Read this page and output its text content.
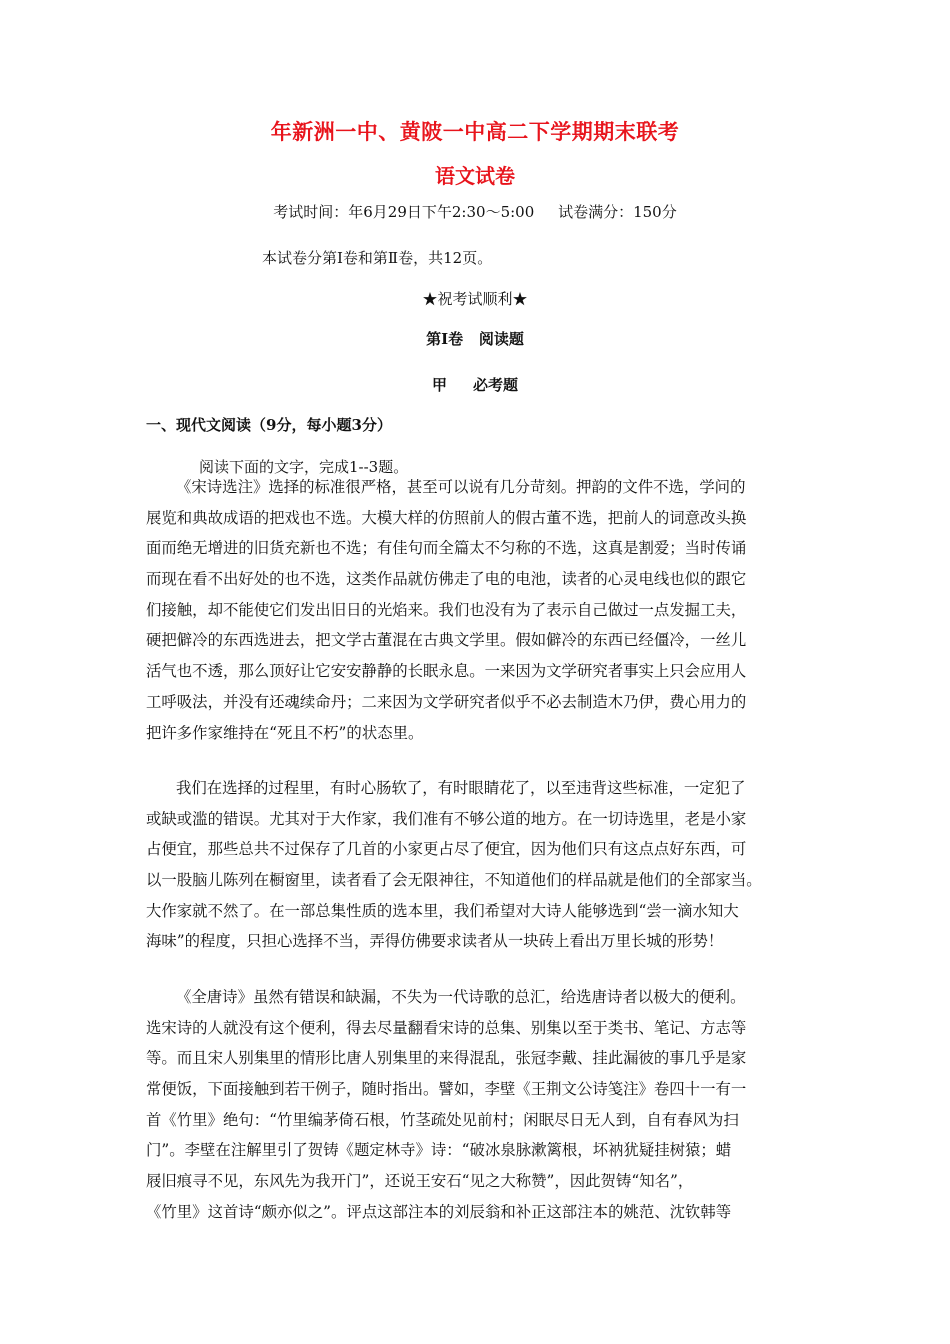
年新洲一中、黄陂一中高二下学期期末联考
语文试卷
考试时间：年6月29日下午2:30～5:00     试卷满分：150分
本试卷分第Ⅰ卷和第Ⅱ卷，共12页。
★祝考试顺利★
第Ⅰ卷   阅读题
甲     必考题
一、现代文阅读（9分，每小题3分）
阅读下面的文字，完成1--3题。
《宋诗选注》选择的标准很严格，甚至可以说有几分苛刻。押韵的文件不选，学问的
展览和典故成语的把戏也不选。大模大样的仿照前人的假古董不选，把前人的词意改头换
面而绝无增进的旧货充新也不选；有佳句而全篇太不匀称的不选，这真是割爱；当时传诵
而现在看不出好处的也不选，这类作品就仿佛走了电的电池，读者的心灵电线也似的跟它
们接触，却不能使它们发出旧日的光焰来。我们也没有为了表示自己做过一点发掘工夫，
硬把僻冷的东西选进去，把文学古董混在古典文学里。假如僻冷的东西已经僵冷，一丝儿
活气也不透，那么顶好让它安安静静的长眠永息。一来因为文学研究者事实上只会应用人
工呼吸法，并没有还魂续命丹；二来因为文学研究者似乎不必去制造木乃伊，费心用力的
把许多作家维持在“死且不朽”的状态里。
我们在选择的过程里，有时心肠软了，有时眼睛花了，以至违背这些标准，一定犯了
或缺或滥的错误。尤其对于大作家，我们准有不够公道的地方。在一切诗选里，老是小家
占便宜，那些总共不过保存了几首的小家更占尽了便宜，因为他们只有这点点好东西，可
以一股脑儿陈列在橱窗里，读者看了会无限神往，不知道他们的样品就是他们的全部家当。
大作家就不然了。在一部总集性质的选本里，我们希望对大诗人能够选到“尝一滴水知大
海味”的程度，只担心选择不当，弄得仿佛要求读者从一块砖上看出万里长城的形势！
《全唐诗》虽然有错误和缺漏，不失为一代诗歌的总汇，给选唐诗者以极大的便利。
选宋诗的人就没有这个便利，得去尽量翻看宋诗的总集、别集以至于类书、笔记、方志等
等。而且宋人别集里的情形比唐人别集里的来得混乱，张冠李戴、挂此漏彼的事几乎是家
常便饭，下面接触到若干例子，随时指出。譬如，李壁《王荆文公诗笺注》卷四十一有一
首《竹里》绝句：“竹里编茅倚石根，竹茎疏处见前村；闲眠尽日无人到，自有春风为扫
门”。李壁在注解里引了贺铸《题定林寺》诗：“破冰泉脉漱篱根，坏衲犹疑挂树猿；蜡
屐旧痕寻不见，东风先为我开门”，还说王安石“见之大称赞”，因此贺铸“知名”，
《竹里》这首诗“颇亦似之”。评点这部注本的刘辰翁和补正这部注本的姚范、沈钦韩等
